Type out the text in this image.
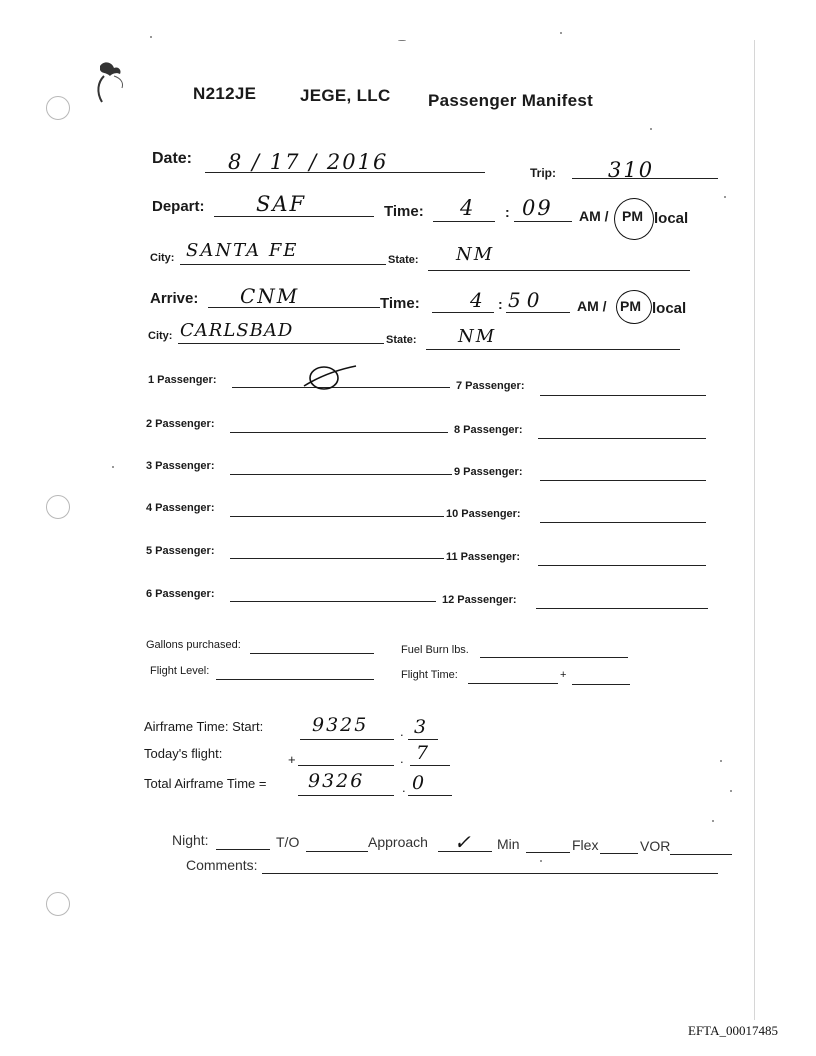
N212JE	JEGE, LLC Passenger Manifest
Date: 8 / 17 / 2016	Trip: 310
Depart: SAF	Time: 4 : 09 AM / PM local
City: SANTA FE	State: NM
Arrive: CNM	Time:	4 : 50 AM / PM local
City: CARLSBAD	State: NM
1 Passenger:
2 Passenger:
3 Passenger:
4 Passenger:
5 Passenger:
6 Passenger:
7 Passenger:
8 Passenger:
9 Passenger:
10 Passenger:
11 Passenger:
12 Passenger:
Gallons purchased:	Fuel Burn lbs.
Flight Level:	Flight Time:	+
Airframe Time: Start:	9325 . 3
Today's flight:	+	. 7
Total Airframe Time = 9326	. 0
Night:	T/O	Approach ✓ Min	Flex	VOR
Comments:
EFTA_00017485
